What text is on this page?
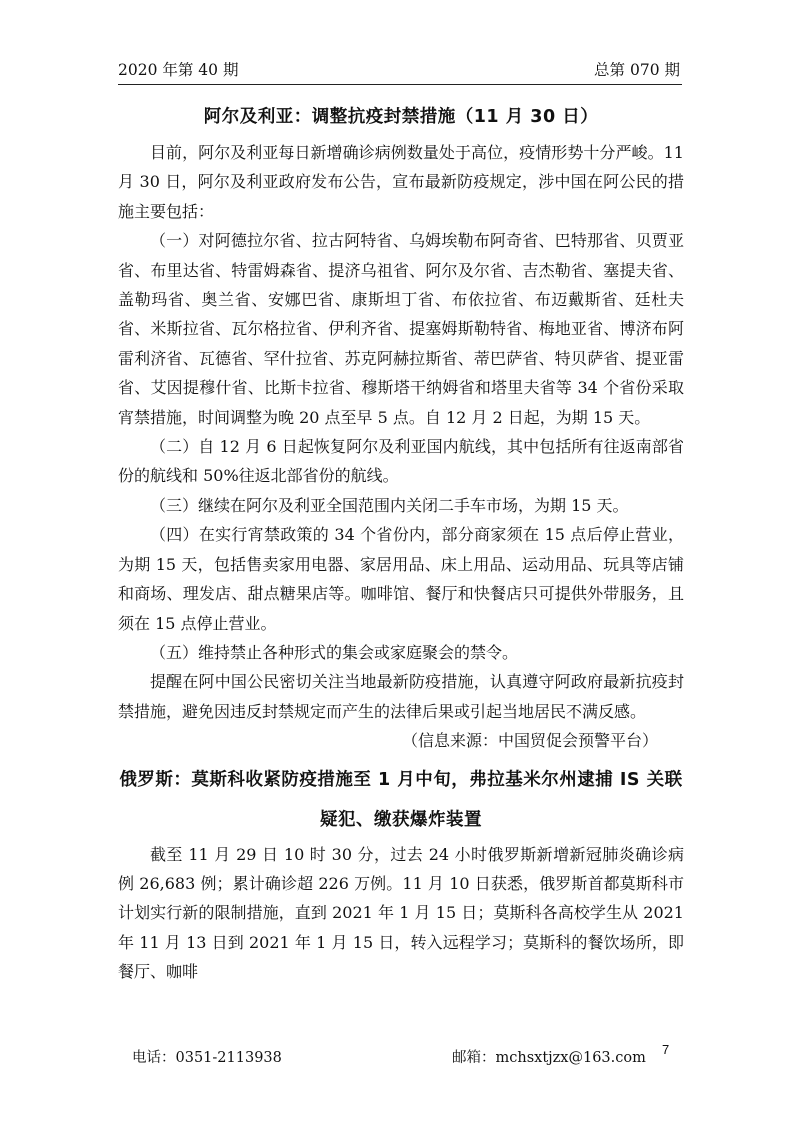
2020 年第 40 期	总第 070 期
阿尔及利亚：调整抗疫封禁措施（11 月 30 日）

目前，阿尔及利亚每日新增确诊病例数量处于高位，疫情形势十分严峻。11 月 30 日，阿尔及利亚政府发布公告，宣布最新防疫规定，涉中国在阿公民的措施主要包括：

（一）对阿德拉尔省、拉古阿特省、乌姆埃勒布阿奇省、巴特那省、贝贾亚省、布里达省、特雷姆森省、提济乌祖省、阿尔及尔省、吉杰勒省、塞提夫省、盖勒玛省、奥兰省、安娜巴省、康斯坦丁省、布依拉省、布迈戴斯省、廷杜夫省、米斯拉省、瓦尔格拉省、伊利齐省、提塞姆斯勒特省、梅地亚省、博济布阿雷利济省、瓦德省、罕什拉省、苏克阿赫拉斯省、蒂巴萨省、特贝萨省、提亚雷省、艾因提穆什省、比斯卡拉省、穆斯塔干纳姆省和塔里夫省等 34 个省份采取宵禁措施，时间调整为晚 20 点至早 5 点。自 12 月 2 日起，为期 15 天。

（二）自 12 月 6 日起恢复阿尔及利亚国内航线，其中包括所有往返南部省份的航线和 50%往返北部省份的航线。

（三）继续在阿尔及利亚全国范围内关闭二手车市场，为期 15 天。

（四）在实行宵禁政策的 34 个省份内，部分商家须在 15 点后停止营业，为期 15 天，包括售卖家用电器、家居用品、床上用品、运动用品、玩具等店铺和商场、理发店、甜点糖果店等。咖啡馆、餐厅和快餐店只可提供外带服务，且须在 15 点停止营业。

（五）维持禁止各种形式的集会或家庭聚会的禁令。

提醒在阿中国公民密切关注当地最新防疫措施，认真遵守阿政府最新抗疫封禁措施，避免因违反封禁规定而产生的法律后果或引起当地居民不满反感。

（信息来源：中国贸促会预警平台）

俄罗斯：莫斯科收紧防疫措施至 1 月中旬，弗拉基米尔州逮捕 IS 关联疑犯、缴获爆炸装置

截至 11 月 29 日 10 时 30 分，过去 24 小时俄罗斯新增新冠肺炎确诊病例 26,683 例；累计确诊超 226 万例。11 月 10 日获悉，俄罗斯首都莫斯科市计划实行新的限制措施，直到 2021 年 1 月 15 日；莫斯科各高校学生从 2021 年 11 月 13 日到 2021 年 1 月 15 日，转入远程学习；莫斯科的餐饮场所，即餐厅、咖啡

电话：0351-2113938	邮箱：mchsxtjzx@163.com
7
